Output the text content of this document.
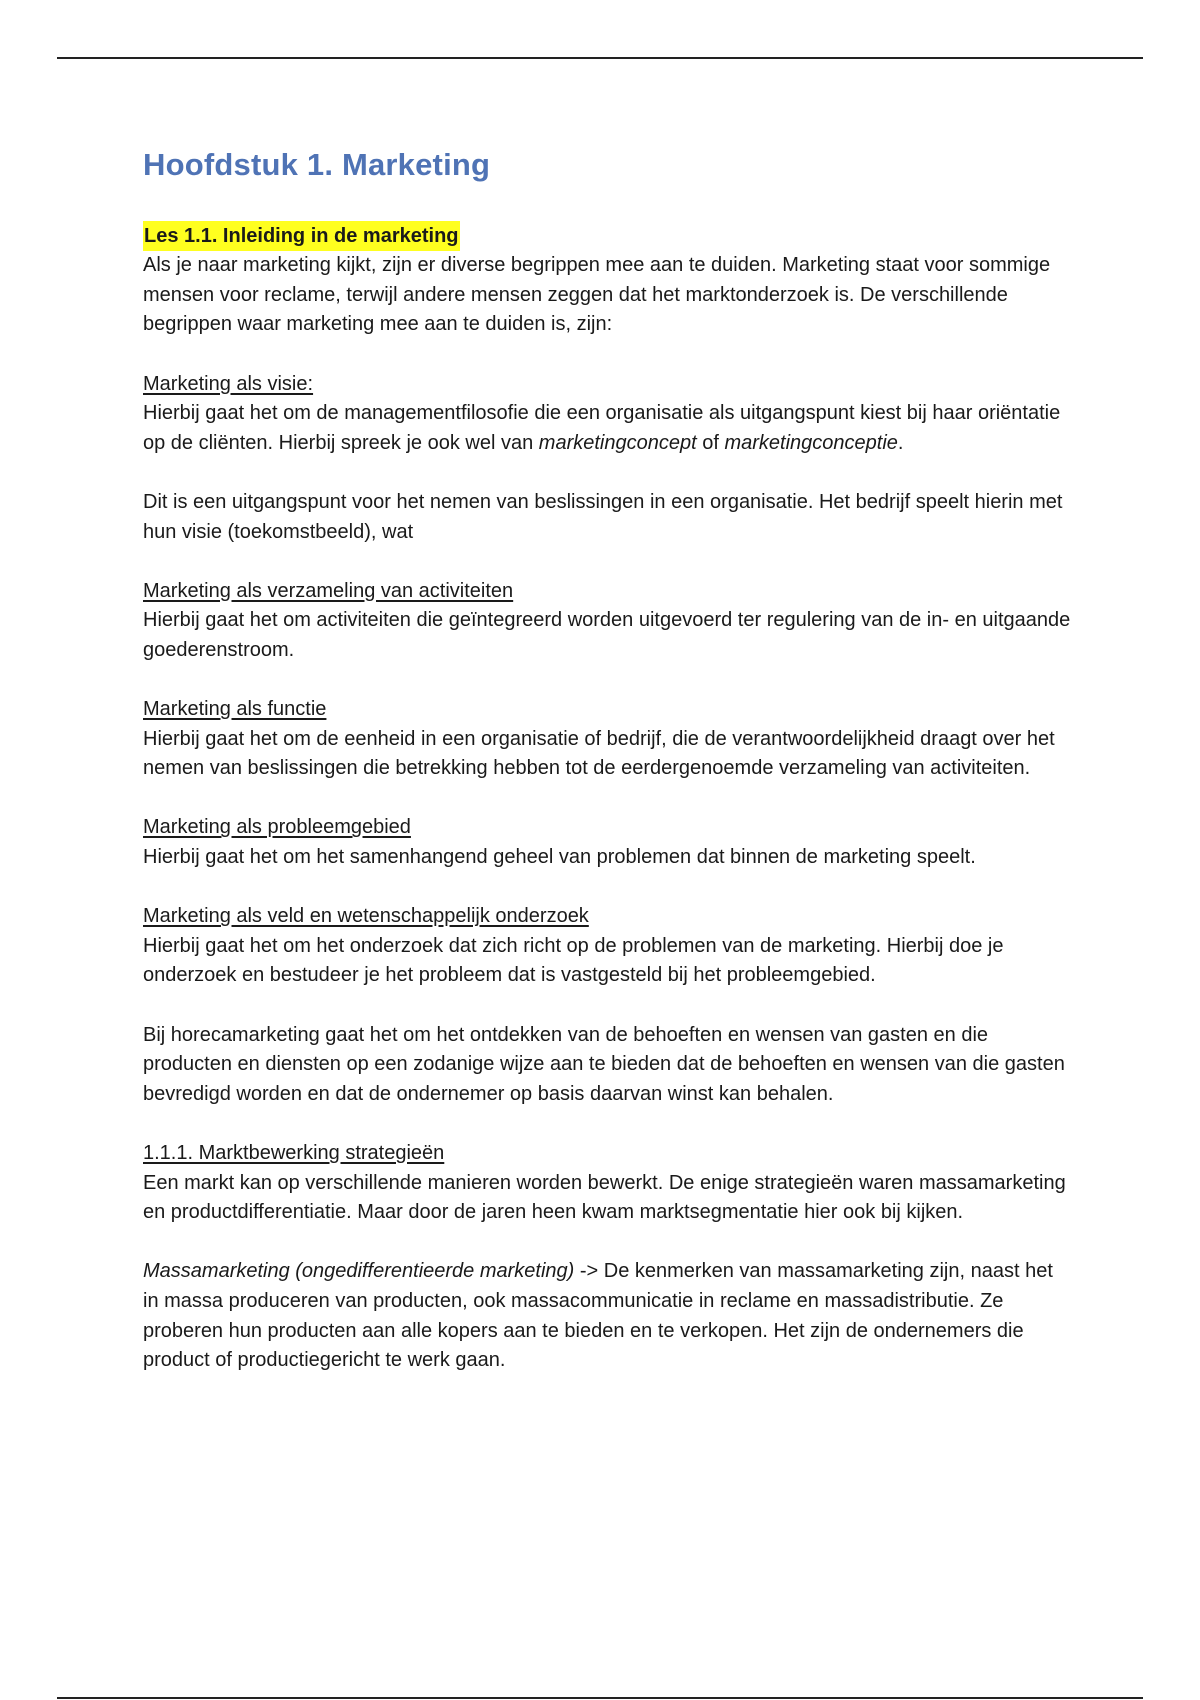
Hoofdstuk 1. Marketing
Les 1.1. Inleiding in de marketing

Als je naar marketing kijkt, zijn er diverse begrippen mee aan te duiden. Marketing staat voor sommige mensen voor reclame, terwijl andere mensen zeggen dat het marktonderzoek is. De verschillende begrippen waar marketing mee aan te duiden is, zijn:

Marketing als visie:

Hierbij gaat het om de managementfilosofie die een organisatie als uitgangspunt kiest bij haar oriëntatie op de cliënten. Hierbij spreek je ook wel van marketingconcept of marketingconceptie.

Dit is een uitgangspunt voor het nemen van beslissingen in een organisatie. Het bedrijf speelt hierin met hun visie (toekomstbeeld), wat

Marketing als verzameling van activiteiten

Hierbij gaat het om activiteiten die geïntegreerd worden uitgevoerd ter regulering van de in- en uitgaande goederenstroom.

Marketing als functie

Hierbij gaat het om de eenheid in een organisatie of bedrijf, die de verantwoordelijkheid draagt over het nemen van beslissingen die betrekking hebben tot de eerdergenoemde verzameling van activiteiten.

Marketing als probleemgebied

Hierbij gaat het om het samenhangend geheel van problemen dat binnen de marketing speelt.

Marketing als veld en wetenschappelijk onderzoek

Hierbij gaat het om het onderzoek dat zich richt op de problemen van de marketing. Hierbij doe je onderzoek en bestudeer je het probleem dat is vastgesteld bij het probleemgebied.

Bij horecamarketing gaat het om het ontdekken van de behoeften en wensen van gasten en die producten en diensten op een zodanige wijze aan te bieden dat de behoeften en wensen van die gasten bevredigd worden en dat de ondernemer op basis daarvan winst kan behalen.

1.1.1. Marktbewerking strategieën

Een markt kan op verschillende manieren worden bewerkt. De enige strategieën waren massamarketing en productdifferentiatie. Maar door de jaren heen kwam marktsegmentatie hier ook bij kijken.

Massamarketing (ongedifferentieerde marketing) -> De kenmerken van massamarketing zijn, naast het in massa produceren van producten, ook massacommunicatie in reclame en massadistributie. Ze proberen hun producten aan alle kopers aan te bieden en te verkopen. Het zijn de ondernemers die product of productiegericht te werk gaan.
